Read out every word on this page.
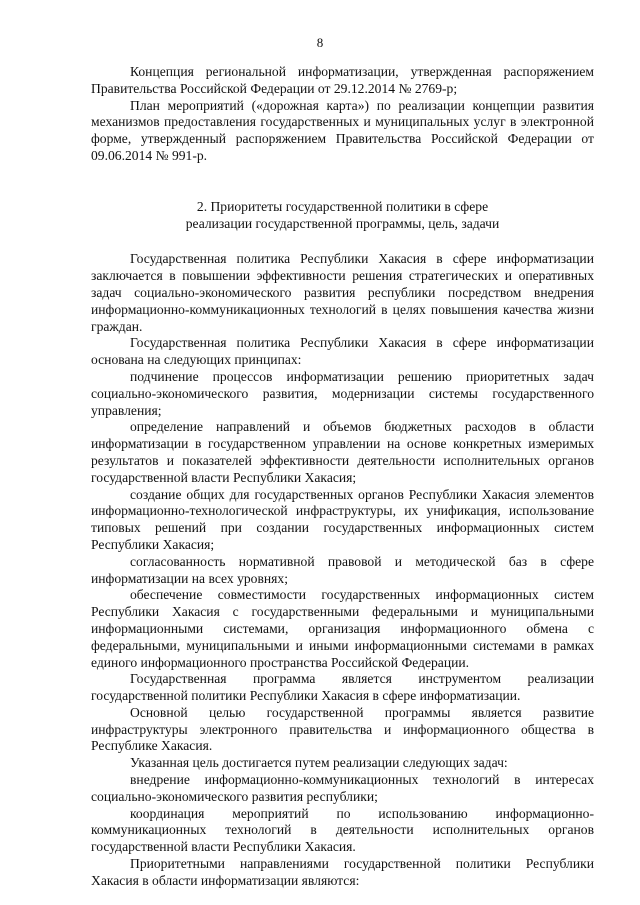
8

Концепция региональной информатизации, утвержденная распоряжением Правительства Российской Федерации от 29.12.2014 № 2769-р;

План мероприятий («дорожная карта») по реализации концепции развития механизмов предоставления государственных и муниципальных услуг в электронной форме, утвержденный распоряжением Правительства Российской Федерации от 09.06.2014 № 991-р.

2. Приоритеты государственной политики в сфере

реализации государственной программы, цель, задачи

Государственная политика Республики Хакасия в сфере информатизации заключается в повышении эффективности решения стратегических и оперативных задач социально-экономического развития республики посредством внедрения информационно-коммуникационных технологий в целях повышения качества жизни граждан.

Государственная политика Республики Хакасия в сфере информатизации основана на следующих принципах:

подчинение процессов информатизации решению приоритетных задач социально-экономического развития, модернизации системы государственного управления;

определение направлений и объемов бюджетных расходов в области информатизации в государственном управлении на основе конкретных измеримых результатов и показателей эффективности деятельности исполнительных органов государственной власти Республики Хакасия;

создание общих для государственных органов Республики Хакасия элементов информационно-технологической инфраструктуры, их унификация, использование типовых решений при создании государственных информационных систем Республики Хакасия;

согласованность нормативной правовой и методической баз в сфере информатизации на всех уровнях;

обеспечение совместимости государственных информационных систем Республики Хакасия с государственными федеральными и муниципальными информационными системами, организация информационного обмена с федеральными, муниципальными и иными информационными системами в рамках единого информационного пространства Российской Федерации.

Государственная программа является инструментом реализации государственной политики Республики Хакасия в сфере информатизации.

Основной целью государственной программы является развитие инфраструктуры электронного правительства и информационного общества в Республике Хакасия.

Указанная цель достигается путем реализации следующих задач:

внедрение информационно-коммуникационных технологий в интересах социально-экономического развития республики;

координация мероприятий по использованию информационно-коммуникационных технологий в деятельности исполнительных органов государственной власти Республики Хакасия.

Приоритетными направлениями государственной политики Республики Хакасия в области информатизации являются:
